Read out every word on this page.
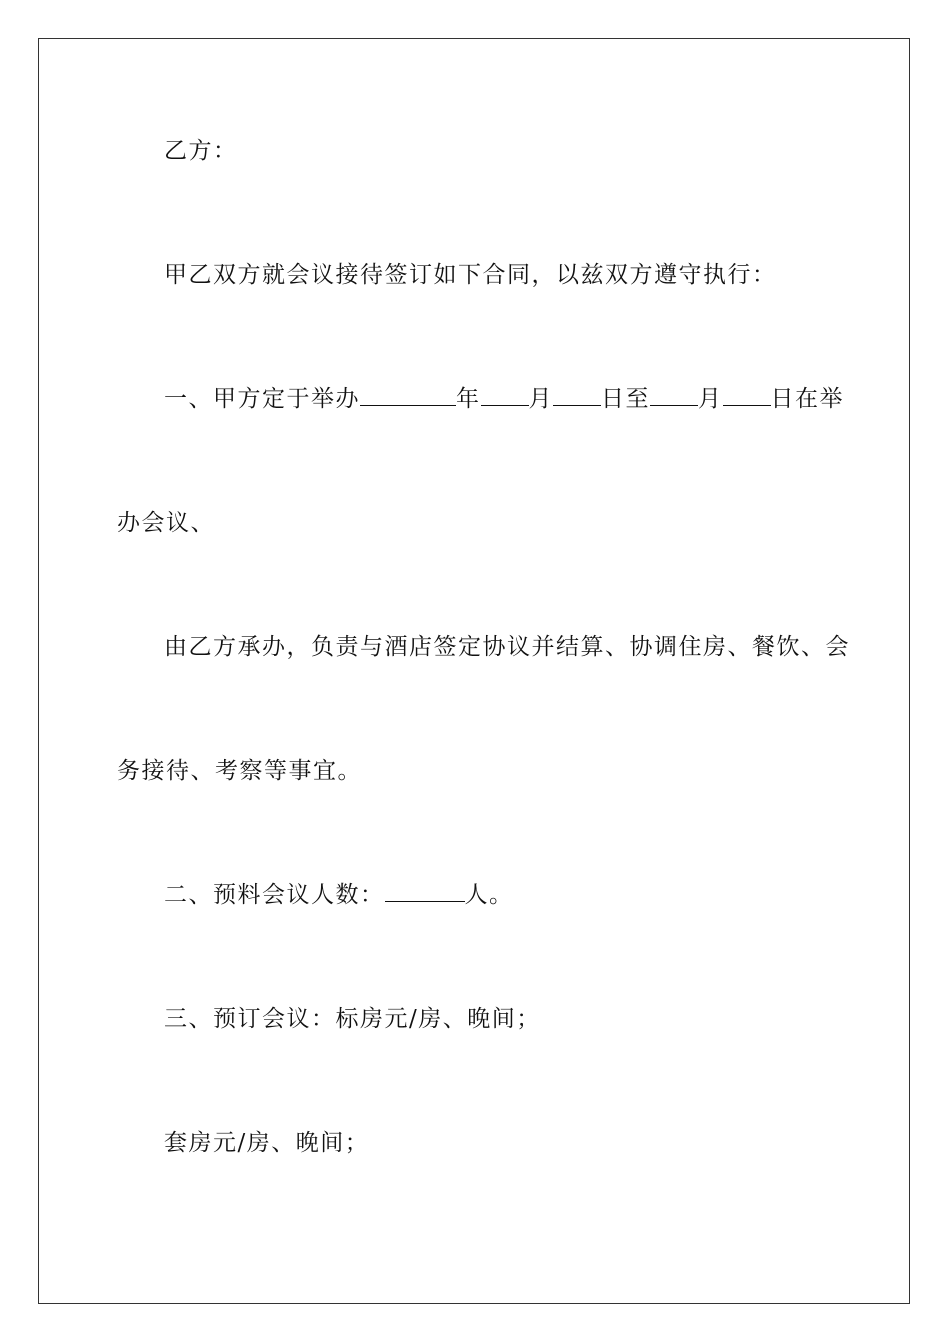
乙方：
甲乙双方就会议接待签订如下合同，以兹双方遵守执行：
一、甲方定于举办	年 月 日至 月 日在举
办会议、
由乙方承办，负责与酒店签定协议并结算、协调住房、餐饮、会
务接待、考察等事宜。
二、预料会议人数：	人。
三、预订会议：标房元/房、晚间；
套房元/房、晚间；
